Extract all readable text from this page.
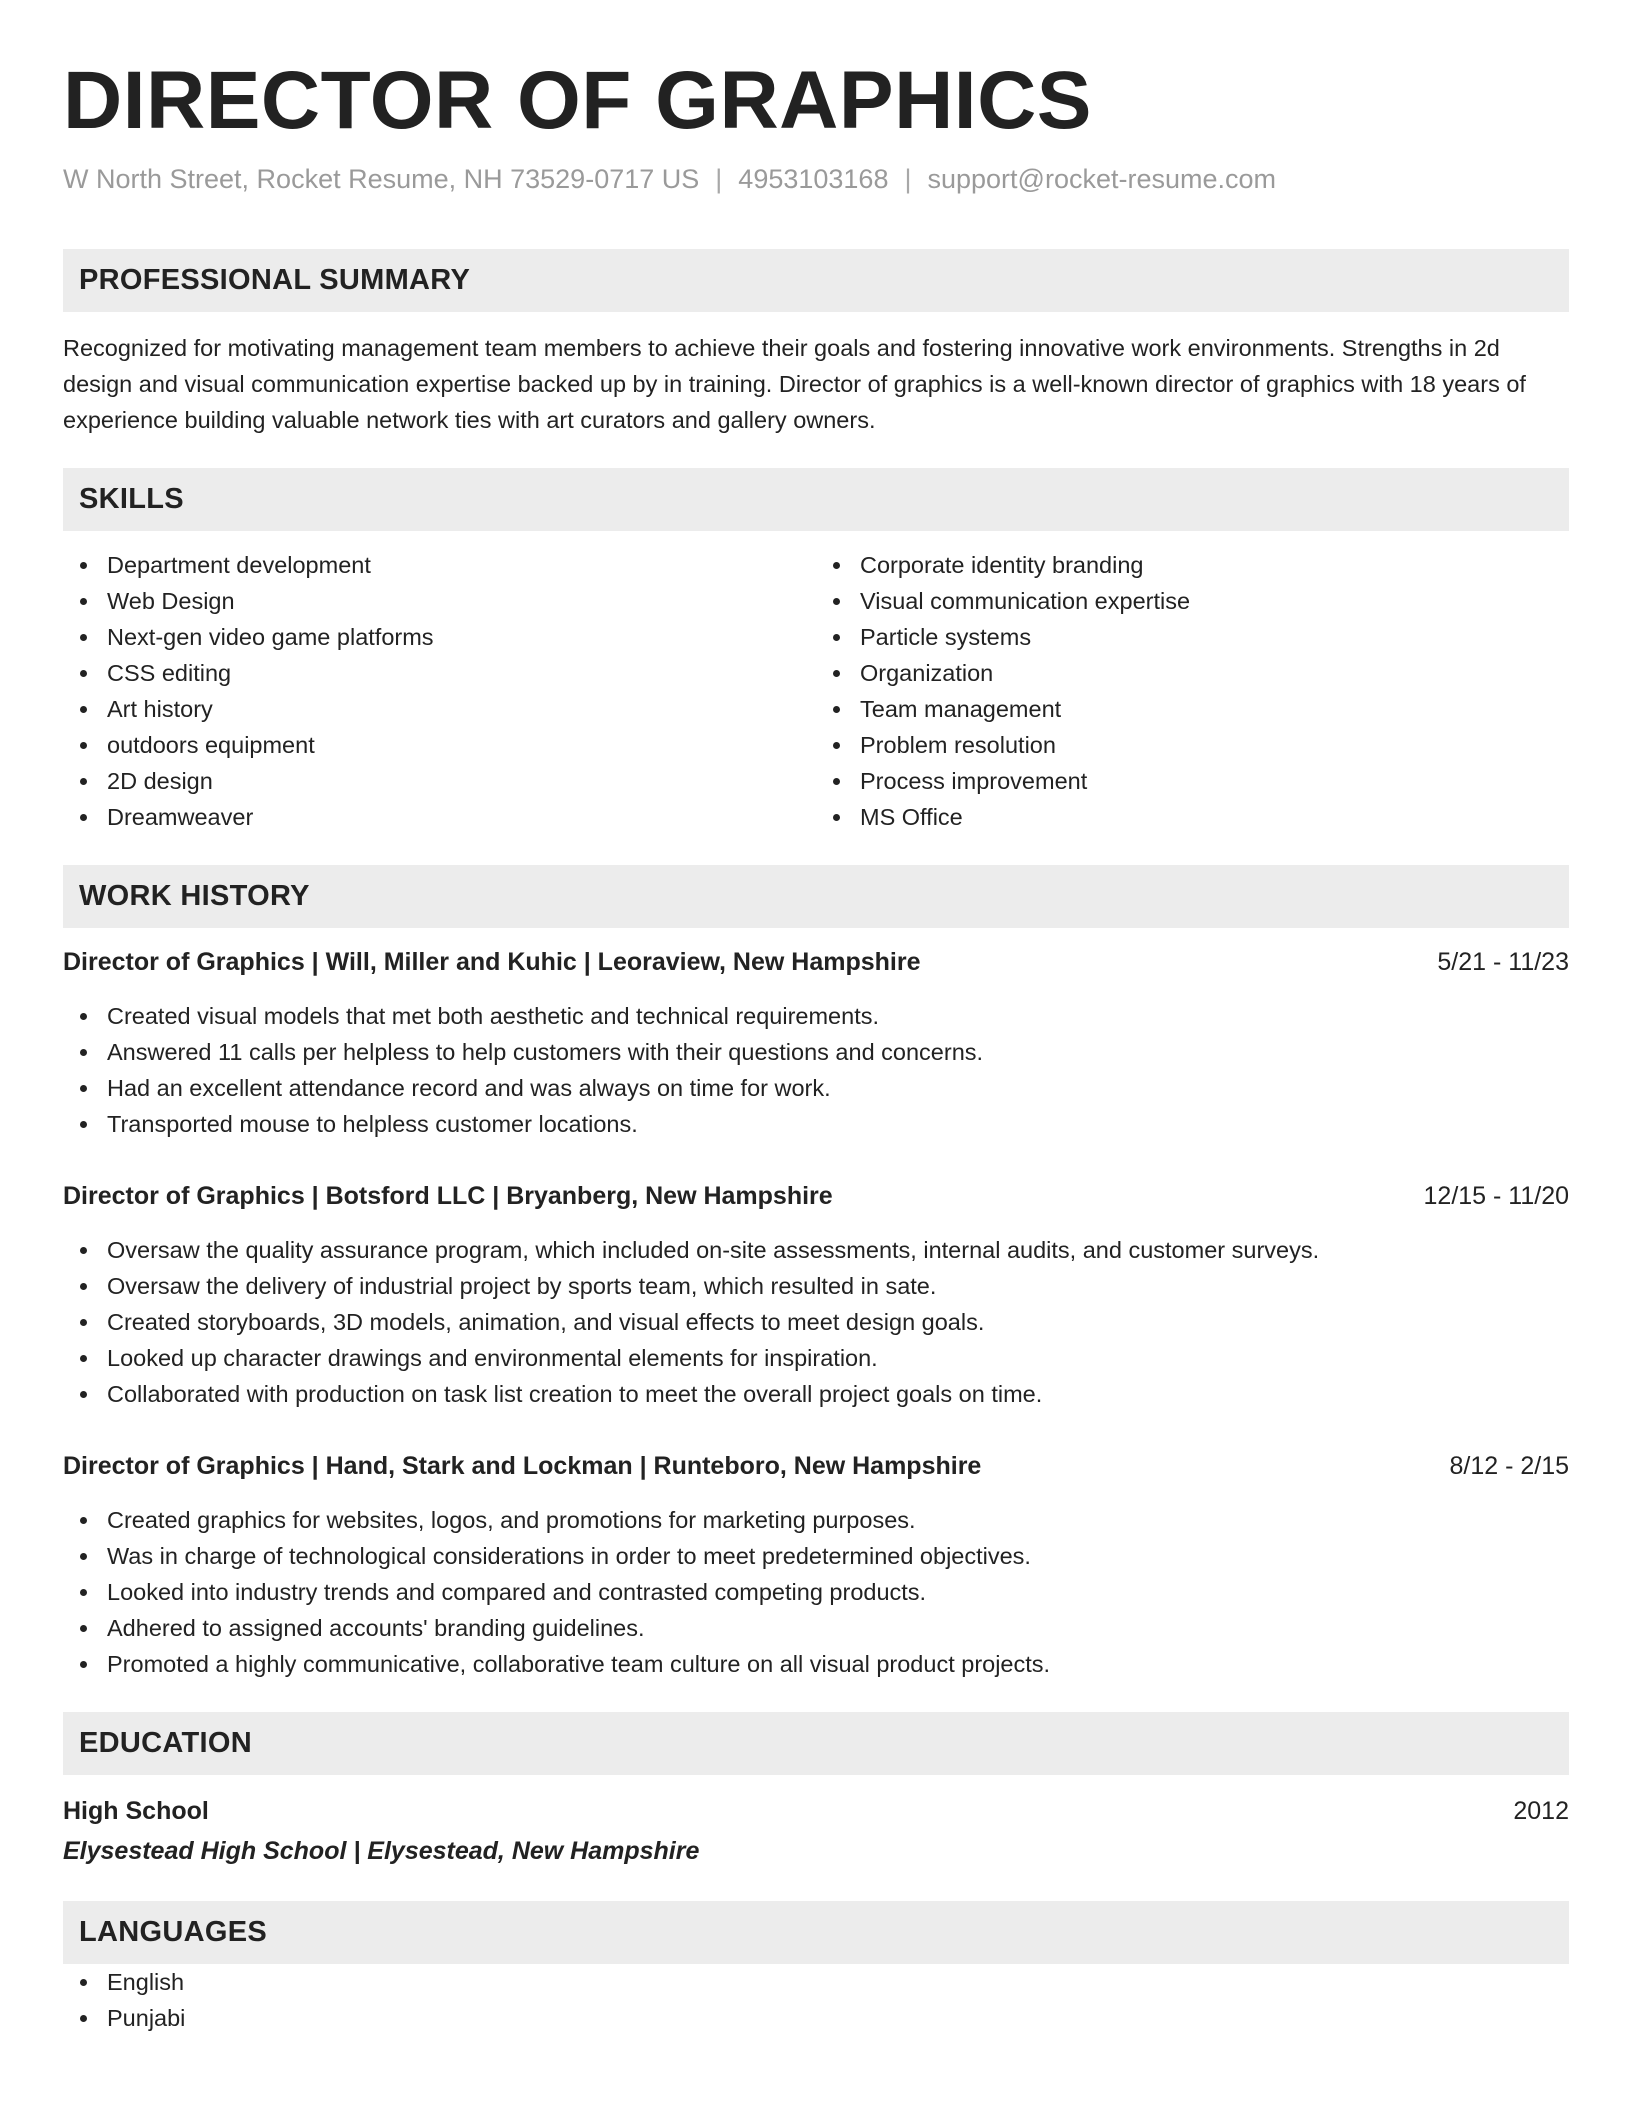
DIRECTOR OF GRAPHICS
W North Street, Rocket Resume, NH 73529-0717 US | 4953103168 | support@rocket-resume.com
PROFESSIONAL SUMMARY
Recognized for motivating management team members to achieve their goals and fostering innovative work environments. Strengths in 2d design and visual communication expertise backed up by in training. Director of graphics is a well-known director of graphics with 18 years of experience building valuable network ties with art curators and gallery owners.
SKILLS
Department development
Web Design
Next-gen video game platforms
CSS editing
Art history
outdoors equipment
2D design
Dreamweaver
Corporate identity branding
Visual communication expertise
Particle systems
Organization
Team management
Problem resolution
Process improvement
MS Office
WORK HISTORY
Director of Graphics | Will, Miller and Kuhic | Leoraview, New Hampshire	5/21 - 11/23
Created visual models that met both aesthetic and technical requirements.
Answered 11 calls per helpless to help customers with their questions and concerns.
Had an excellent attendance record and was always on time for work.
Transported mouse to helpless customer locations.
Director of Graphics | Botsford LLC | Bryanberg, New Hampshire	12/15 - 11/20
Oversaw the quality assurance program, which included on-site assessments, internal audits, and customer surveys.
Oversaw the delivery of industrial project by sports team, which resulted in sate.
Created storyboards, 3D models, animation, and visual effects to meet design goals.
Looked up character drawings and environmental elements for inspiration.
Collaborated with production on task list creation to meet the overall project goals on time.
Director of Graphics | Hand, Stark and Lockman | Runteboro, New Hampshire	8/12 - 2/15
Created graphics for websites, logos, and promotions for marketing purposes.
Was in charge of technological considerations in order to meet predetermined objectives.
Looked into industry trends and compared and contrasted competing products.
Adhered to assigned accounts' branding guidelines.
Promoted a highly communicative, collaborative team culture on all visual product projects.
EDUCATION
High School	2012
Elysestead High School | Elysestead, New Hampshire
LANGUAGES
English
Punjabi
